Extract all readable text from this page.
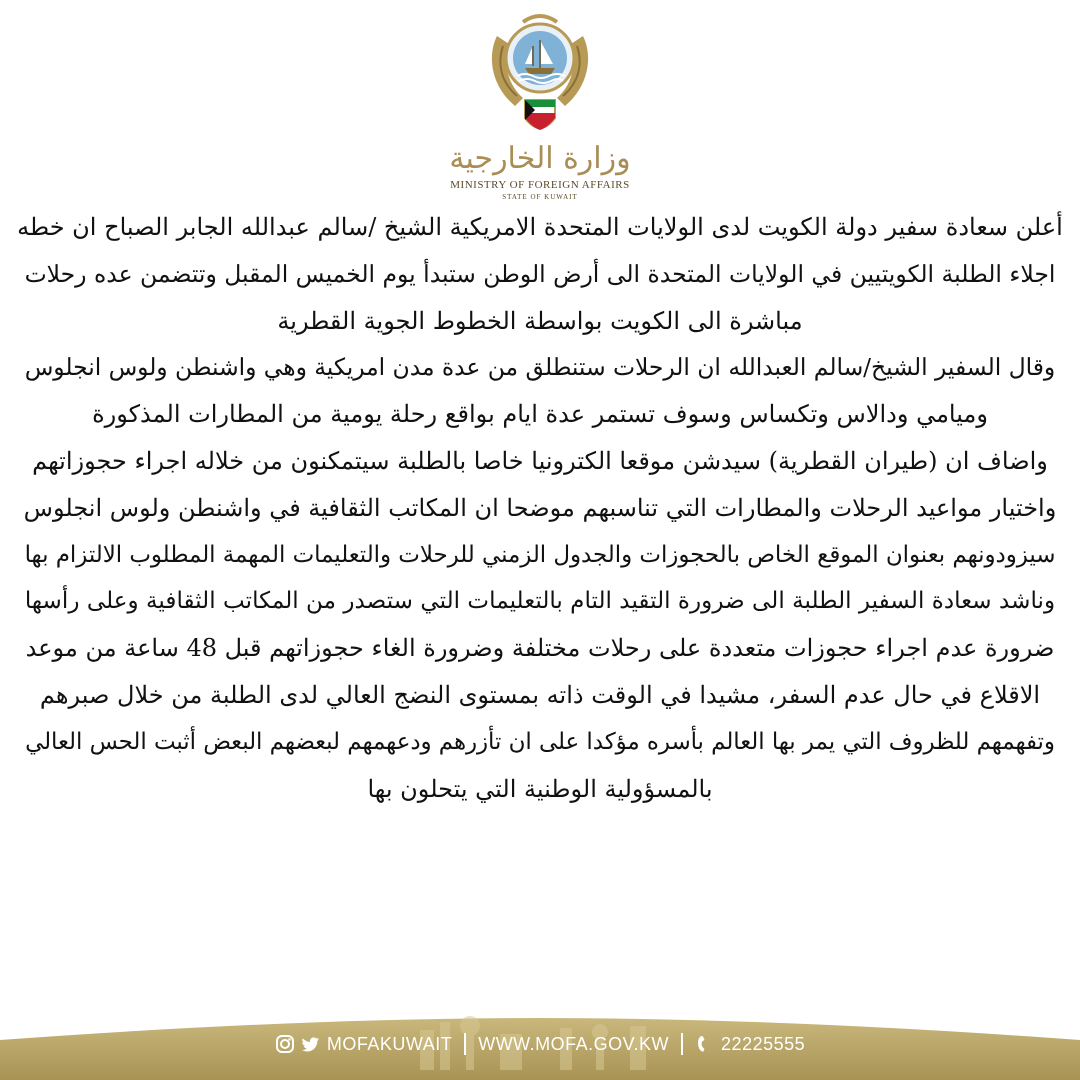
وزارة الخارجية
MINISTRY OF FOREIGN AFFAIRS
STATE OF KUWAIT
أعلن سعادة سفير دولة الكويت لدى الولايات المتحدة الامريكية الشيخ /سالم عبدالله الجابر الصباح ان خطه
اجلاء الطلبة الكويتيين في الولايات المتحدة الى أرض الوطن ستبدأ يوم الخميس المقبل وتتضمن عده رحلات
مباشرة الى الكويت بواسطة الخطوط الجوية القطرية
وقال السفير الشيخ/سالم العبدالله ان الرحلات ستنطلق من عدة مدن امريكية وهي واشنطن ولوس انجلوس
وميامي ودالاس وتكساس وسوف تستمر عدة ايام بواقع رحلة يومية من المطارات المذكورة
واضاف ان (طيران القطرية) سيدشن موقعا الكترونيا خاصا بالطلبة سيتمكنون من خلاله اجراء حجوزاتهم
واختيار مواعيد الرحلات والمطارات التي تناسبهم موضحا ان المكاتب الثقافية في واشنطن ولوس انجلوس
سيزودونهم بعنوان الموقع الخاص بالحجوزات والجدول الزمني للرحلات والتعليمات المهمة المطلوب الالتزام بها
وناشد سعادة السفير الطلبة الى ضرورة التقيد التام بالتعليمات التي ستصدر من المكاتب الثقافية وعلى رأسها
ضرورة عدم اجراء حجوزات متعددة على رحلات مختلفة وضرورة الغاء حجوزاتهم قبل 48 ساعة من موعد
الاقلاع في حال عدم السفر، مشيدا في الوقت ذاته بمستوى النضج العالي لدى الطلبة من خلال صبرهم
وتفهمهم للظروف التي يمر بها العالم بأسره مؤكدا على ان تأزرهم ودعهمهم لبعضهم البعض أثبت الحس العالي
بالمسؤولية الوطنية التي يتحلون بها
MOFAKUWAIT WWW.MOFA.GOV.KW	22225555
